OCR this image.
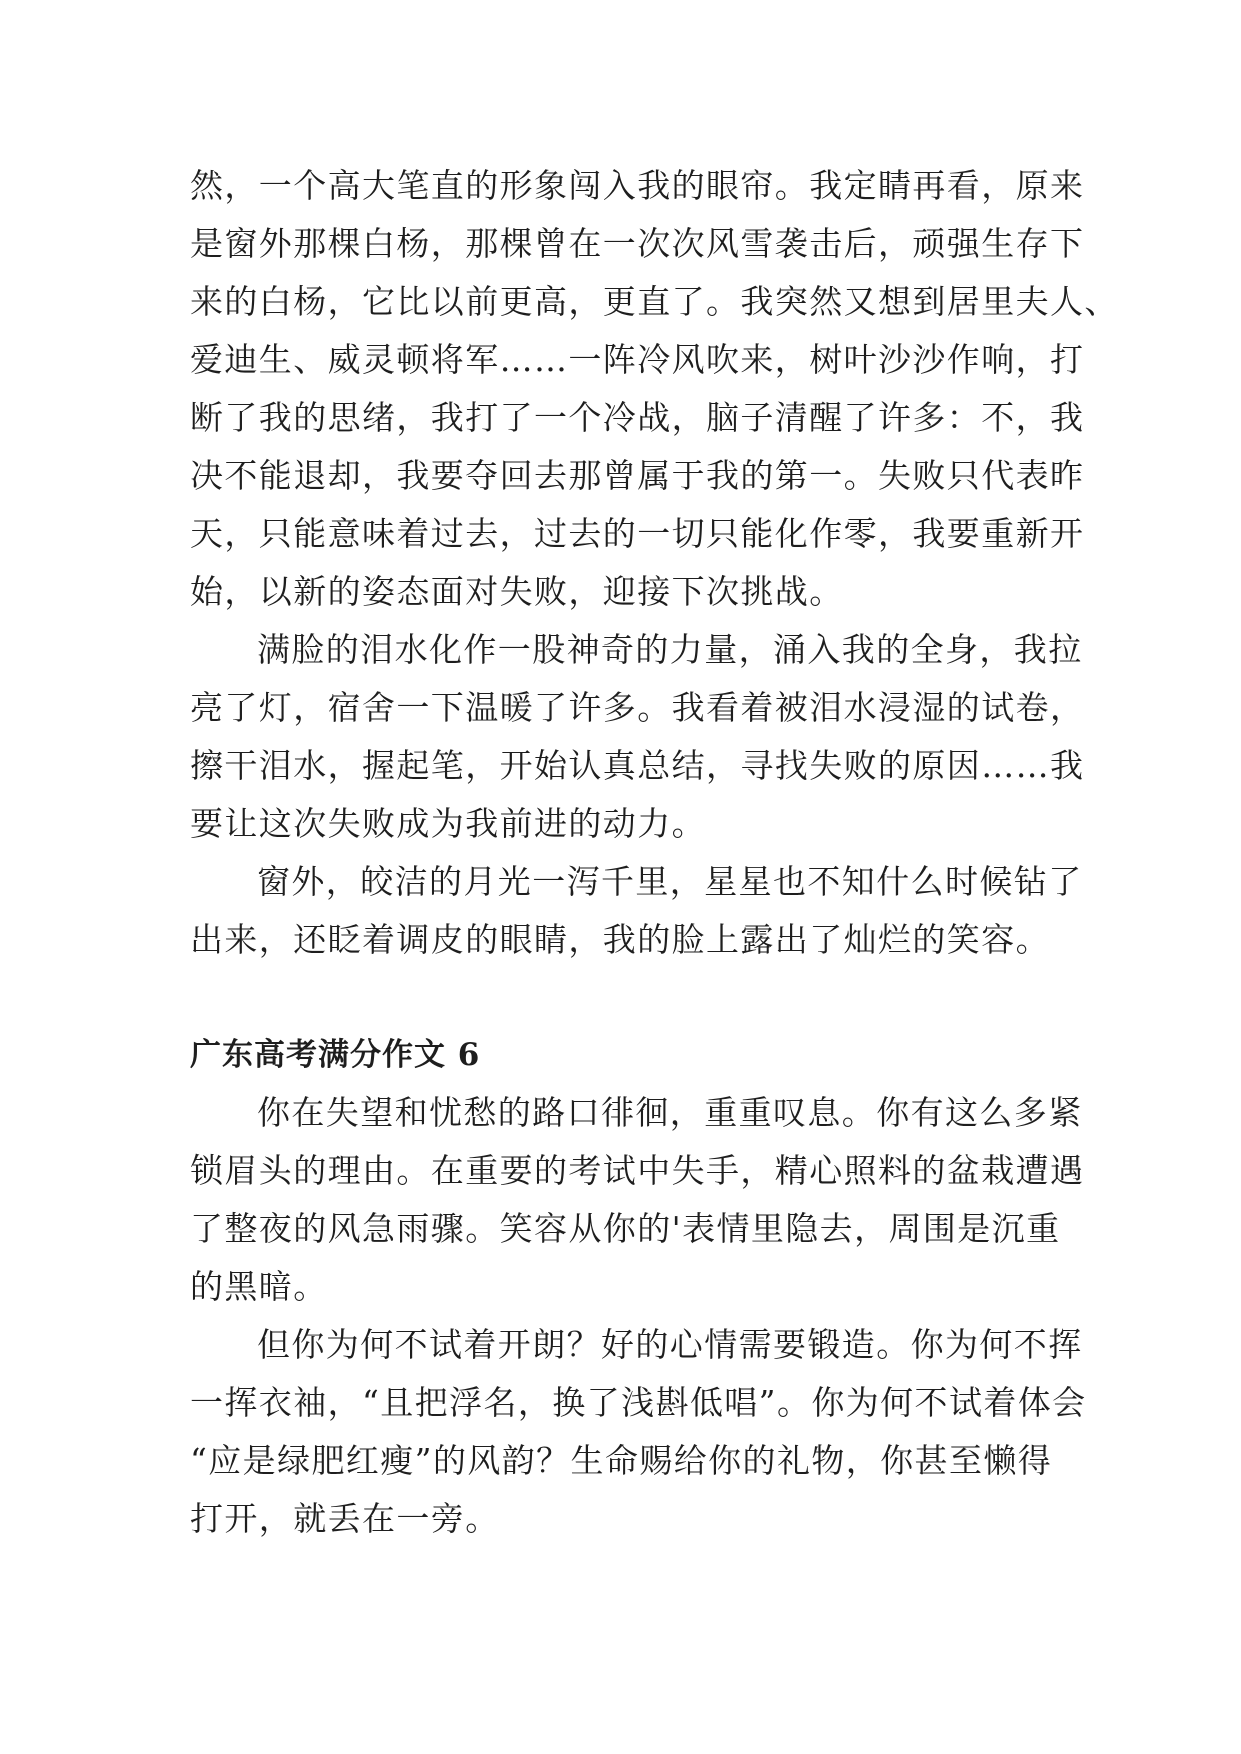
然，一个高大笔直的形象闯入我的眼帘。我定睛再看，原来

是窗外那棵白杨，那棵曾在一次次风雪袭击后，顽强生存下

来的白杨，它比以前更高，更直了。我突然又想到居里夫人、

爱迪生、威灵顿将军……一阵冷风吹来，树叶沙沙作响，打

断了我的思绪，我打了一个冷战，脑子清醒了许多：不，我

决不能退却，我要夺回去那曾属于我的第一。失败只代表昨

天，只能意味着过去，过去的一切只能化作零，我要重新开

始，以新的姿态面对失败，迎接下次挑战。

满脸的泪水化作一股神奇的力量，涌入我的全身，我拉

亮了灯，宿舍一下温暖了许多。我看着被泪水浸湿的试卷，

擦干泪水，握起笔，开始认真总结，寻找失败的原因……我

要让这次失败成为我前进的动力。

窗外，皎洁的月光一泻千里，星星也不知什么时候钻了

出来，还眨着调皮的眼睛，我的脸上露出了灿烂的笑容。

广东高考满分作文 6

你在失望和忧愁的路口徘徊，重重叹息。你有这么多紧

锁眉头的理由。在重要的考试中失手，精心照料的盆栽遭遇

了整夜的风急雨骤。笑容从你的'表情里隐去，周围是沉重

的黑暗。

但你为何不试着开朗？好的心情需要锻造。你为何不挥

一挥衣袖，“且把浮名，换了浅斟低唱”。你为何不试着体会

“应是绿肥红瘦”的风韵？生命赐给你的礼物，你甚至懒得

打开，就丢在一旁。
